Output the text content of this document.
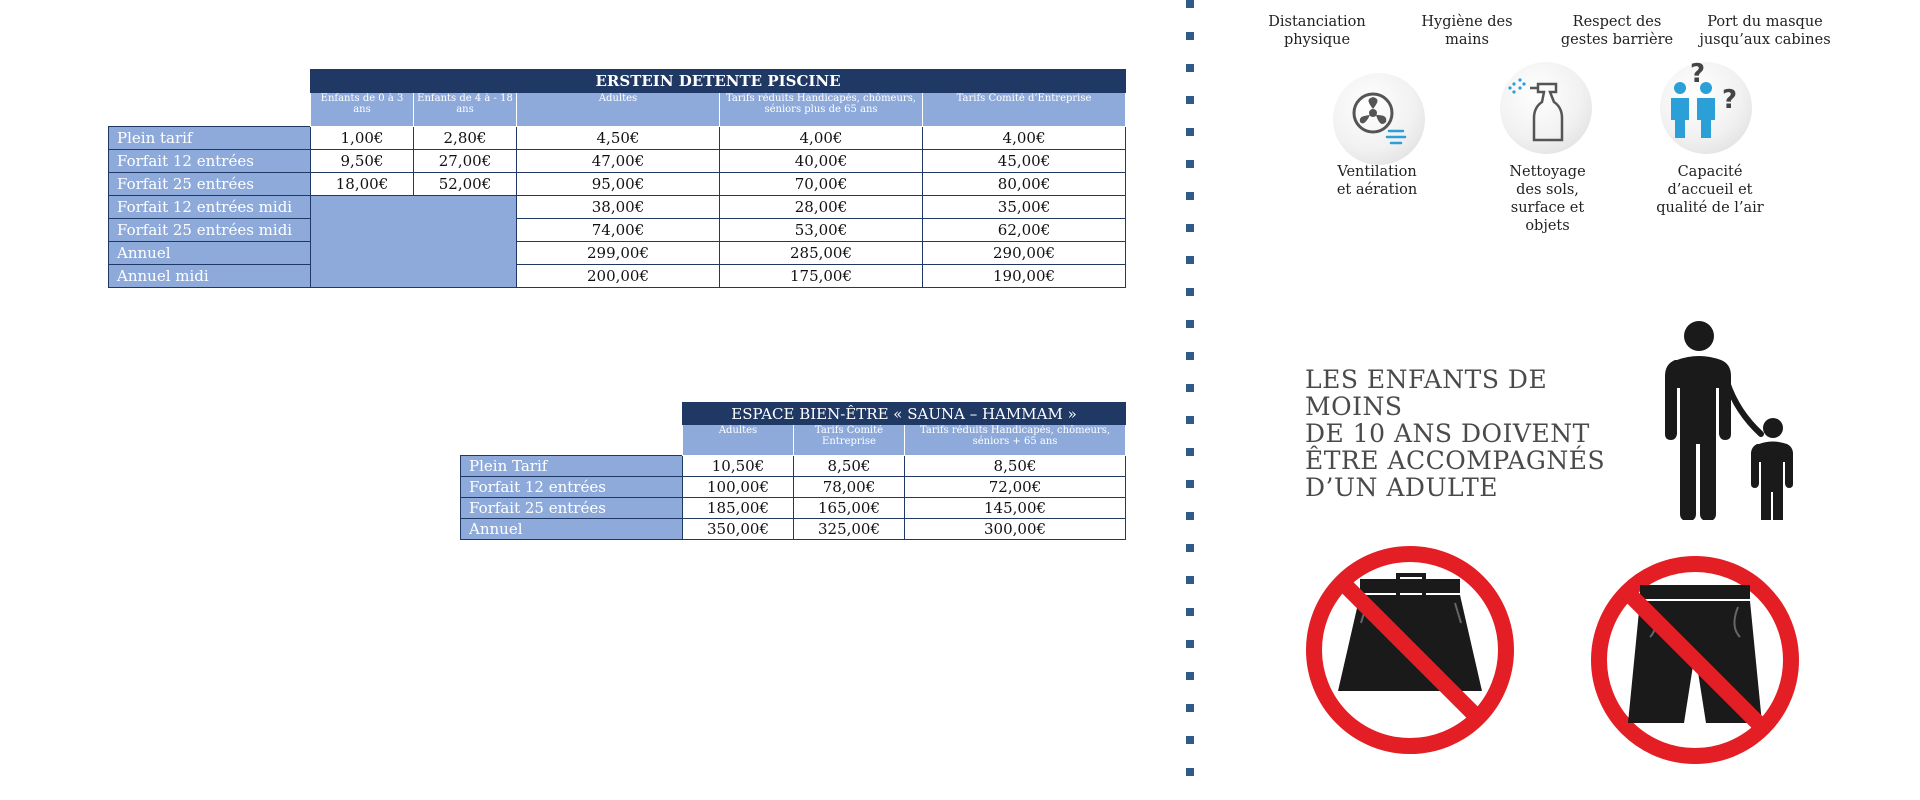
	ERSTEIN DETENTE PISCINE				
	Enfants de 0 à 3 ans	Enfants de 4 à - 18 ans	Adultes	Tarifs réduits Handicapés, chômeurs, séniors plus de 65 ans	Tarifs Comité d’Entreprise
Plein tarif	1,00€	2,80€	4,50€	4,00€	4,00€
Forfait 12 entrées	9,50€	27,00€	47,00€	40,00€	45,00€
Forfait 25 entrées	18,00€	52,00€	95,00€	70,00€	80,00€
Forfait 12 entrées midi			38,00€	28,00€	35,00€
Forfait 25 entrées midi			74,00€	53,00€	62,00€
Annuel			299,00€	285,00€	290,00€
Annuel midi			200,00€	175,00€	190,00€
	ESPACE BIEN-ÊTRE « SAUNA – HAMMAM »		
	Adultes	Tarifs Comité Entreprise	Tarifs réduits Handicapés, chômeurs, séniors + 65 ans
Plein Tarif	10,50€	8,50€	8,50€
Forfait 12 entrées	100,00€	78,00€	72,00€
Forfait 25 entrées	185,00€	165,00€	145,00€
Annuel	350,00€	325,00€	300,00€
Distanciation
physique
Hygiène des
mains
Respect des
gestes barrière
Port du masque
jusqu’aux cabines
Ventilation
et aération
Nettoyage
des sols,
surface et
objets
?
?
Capacité
d’accueil et
qualité de l’air
LES ENFANTS DE MOINS
DE 10 ANS DOIVENT
ÊTRE ACCOMPAGNÉS
D’UN ADULTE
